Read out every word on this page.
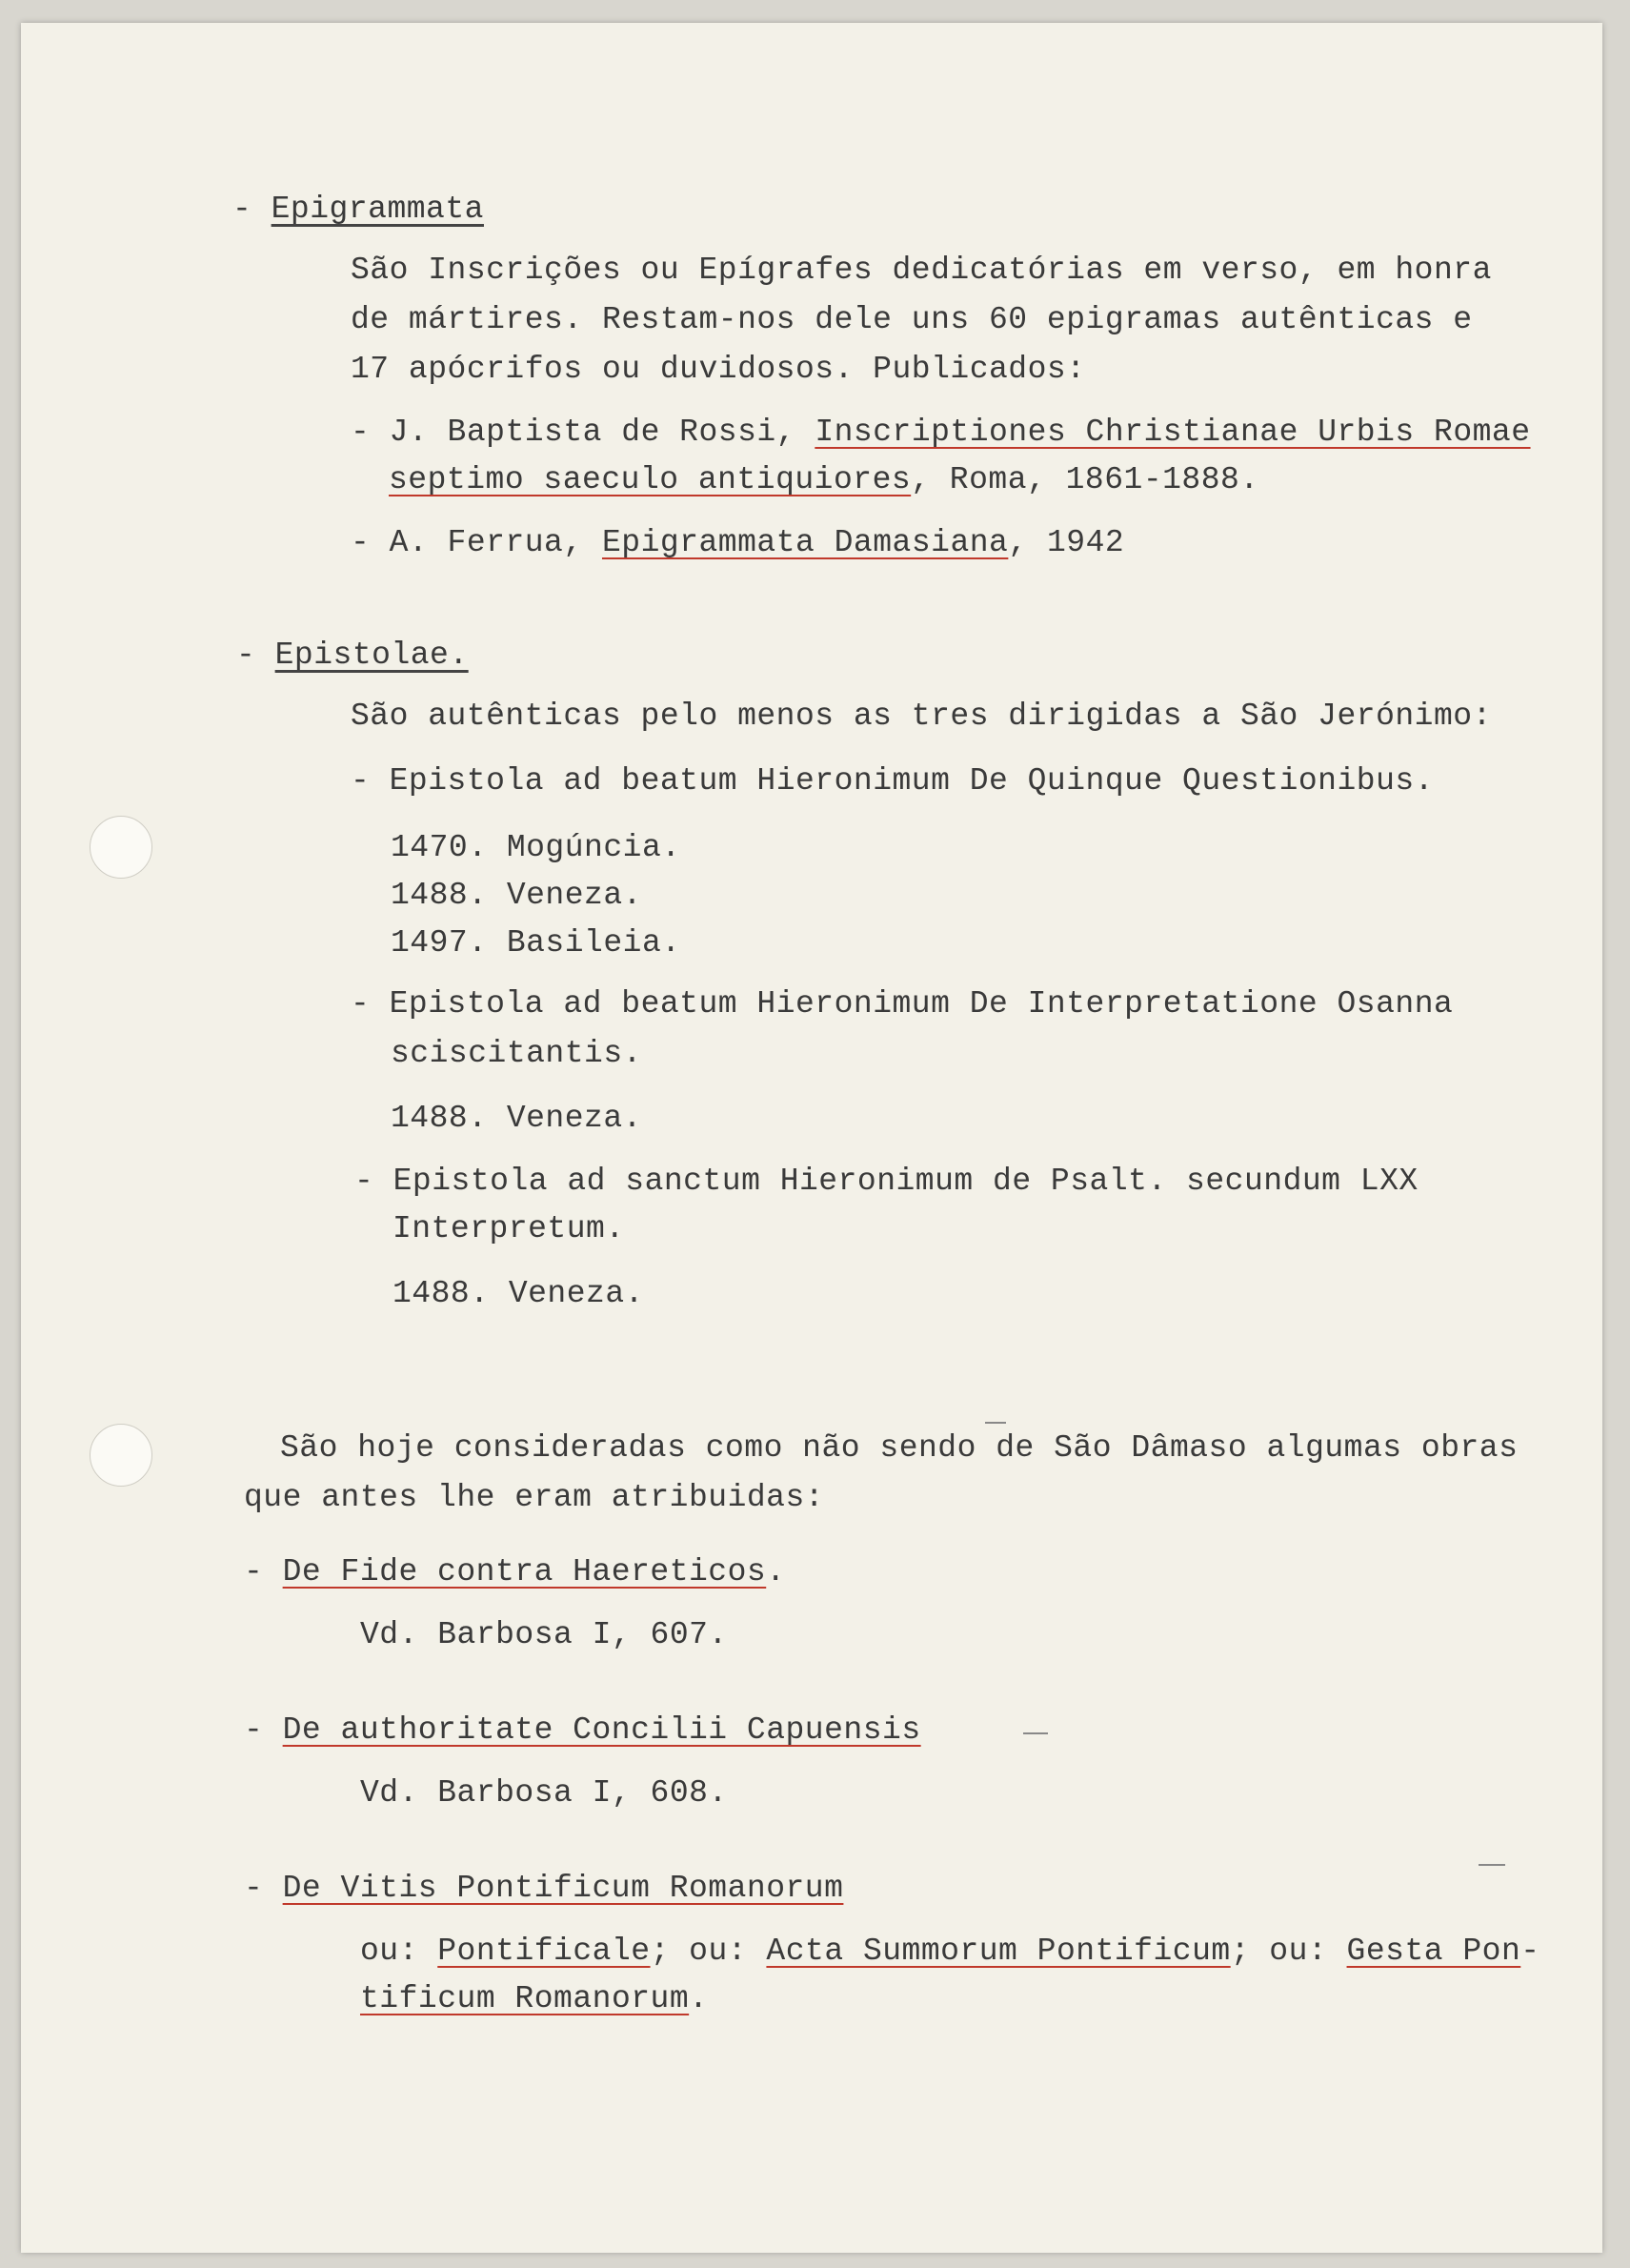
- Epigrammata
São Inscrições ou Epígrafes dedicatórias em verso, em honra
de mártires. Restam-nos dele uns 60 epigramas autênticas e
17 apócrifos ou duvidosos. Publicados:
- J. Baptista de Rossi, Inscriptiones Christianae Urbis Romae
septimo saeculo antiquiores, Roma, 1861-1888.
- A. Ferrua, Epigrammata Damasiana, 1942
- Epistolae.
São autênticas pelo menos as tres dirigidas a São Jerónimo:
- Epistola ad beatum Hieronimum De Quinque Questionibus.
1470. Mogúncia.
1488. Veneza.
1497. Basileia.
- Epistola ad beatum Hieronimum De Interpretatione Osanna
sciscitantis.
1488. Veneza.
- Epistola ad sanctum Hieronimum de Psalt. secundum LXX
Interpretum.
1488. Veneza.
São hoje consideradas como não sendo de São Dâmaso algumas obras
que antes lhe eram atribuidas:
- De Fide contra Haereticos.
Vd. Barbosa I, 607.
- De authoritate Concilii Capuensis
Vd. Barbosa I, 608.
- De Vitis Pontificum Romanorum
ou: Pontificale; ou: Acta Summorum Pontificum; ou: Gesta Pon-
tificum Romanorum.
